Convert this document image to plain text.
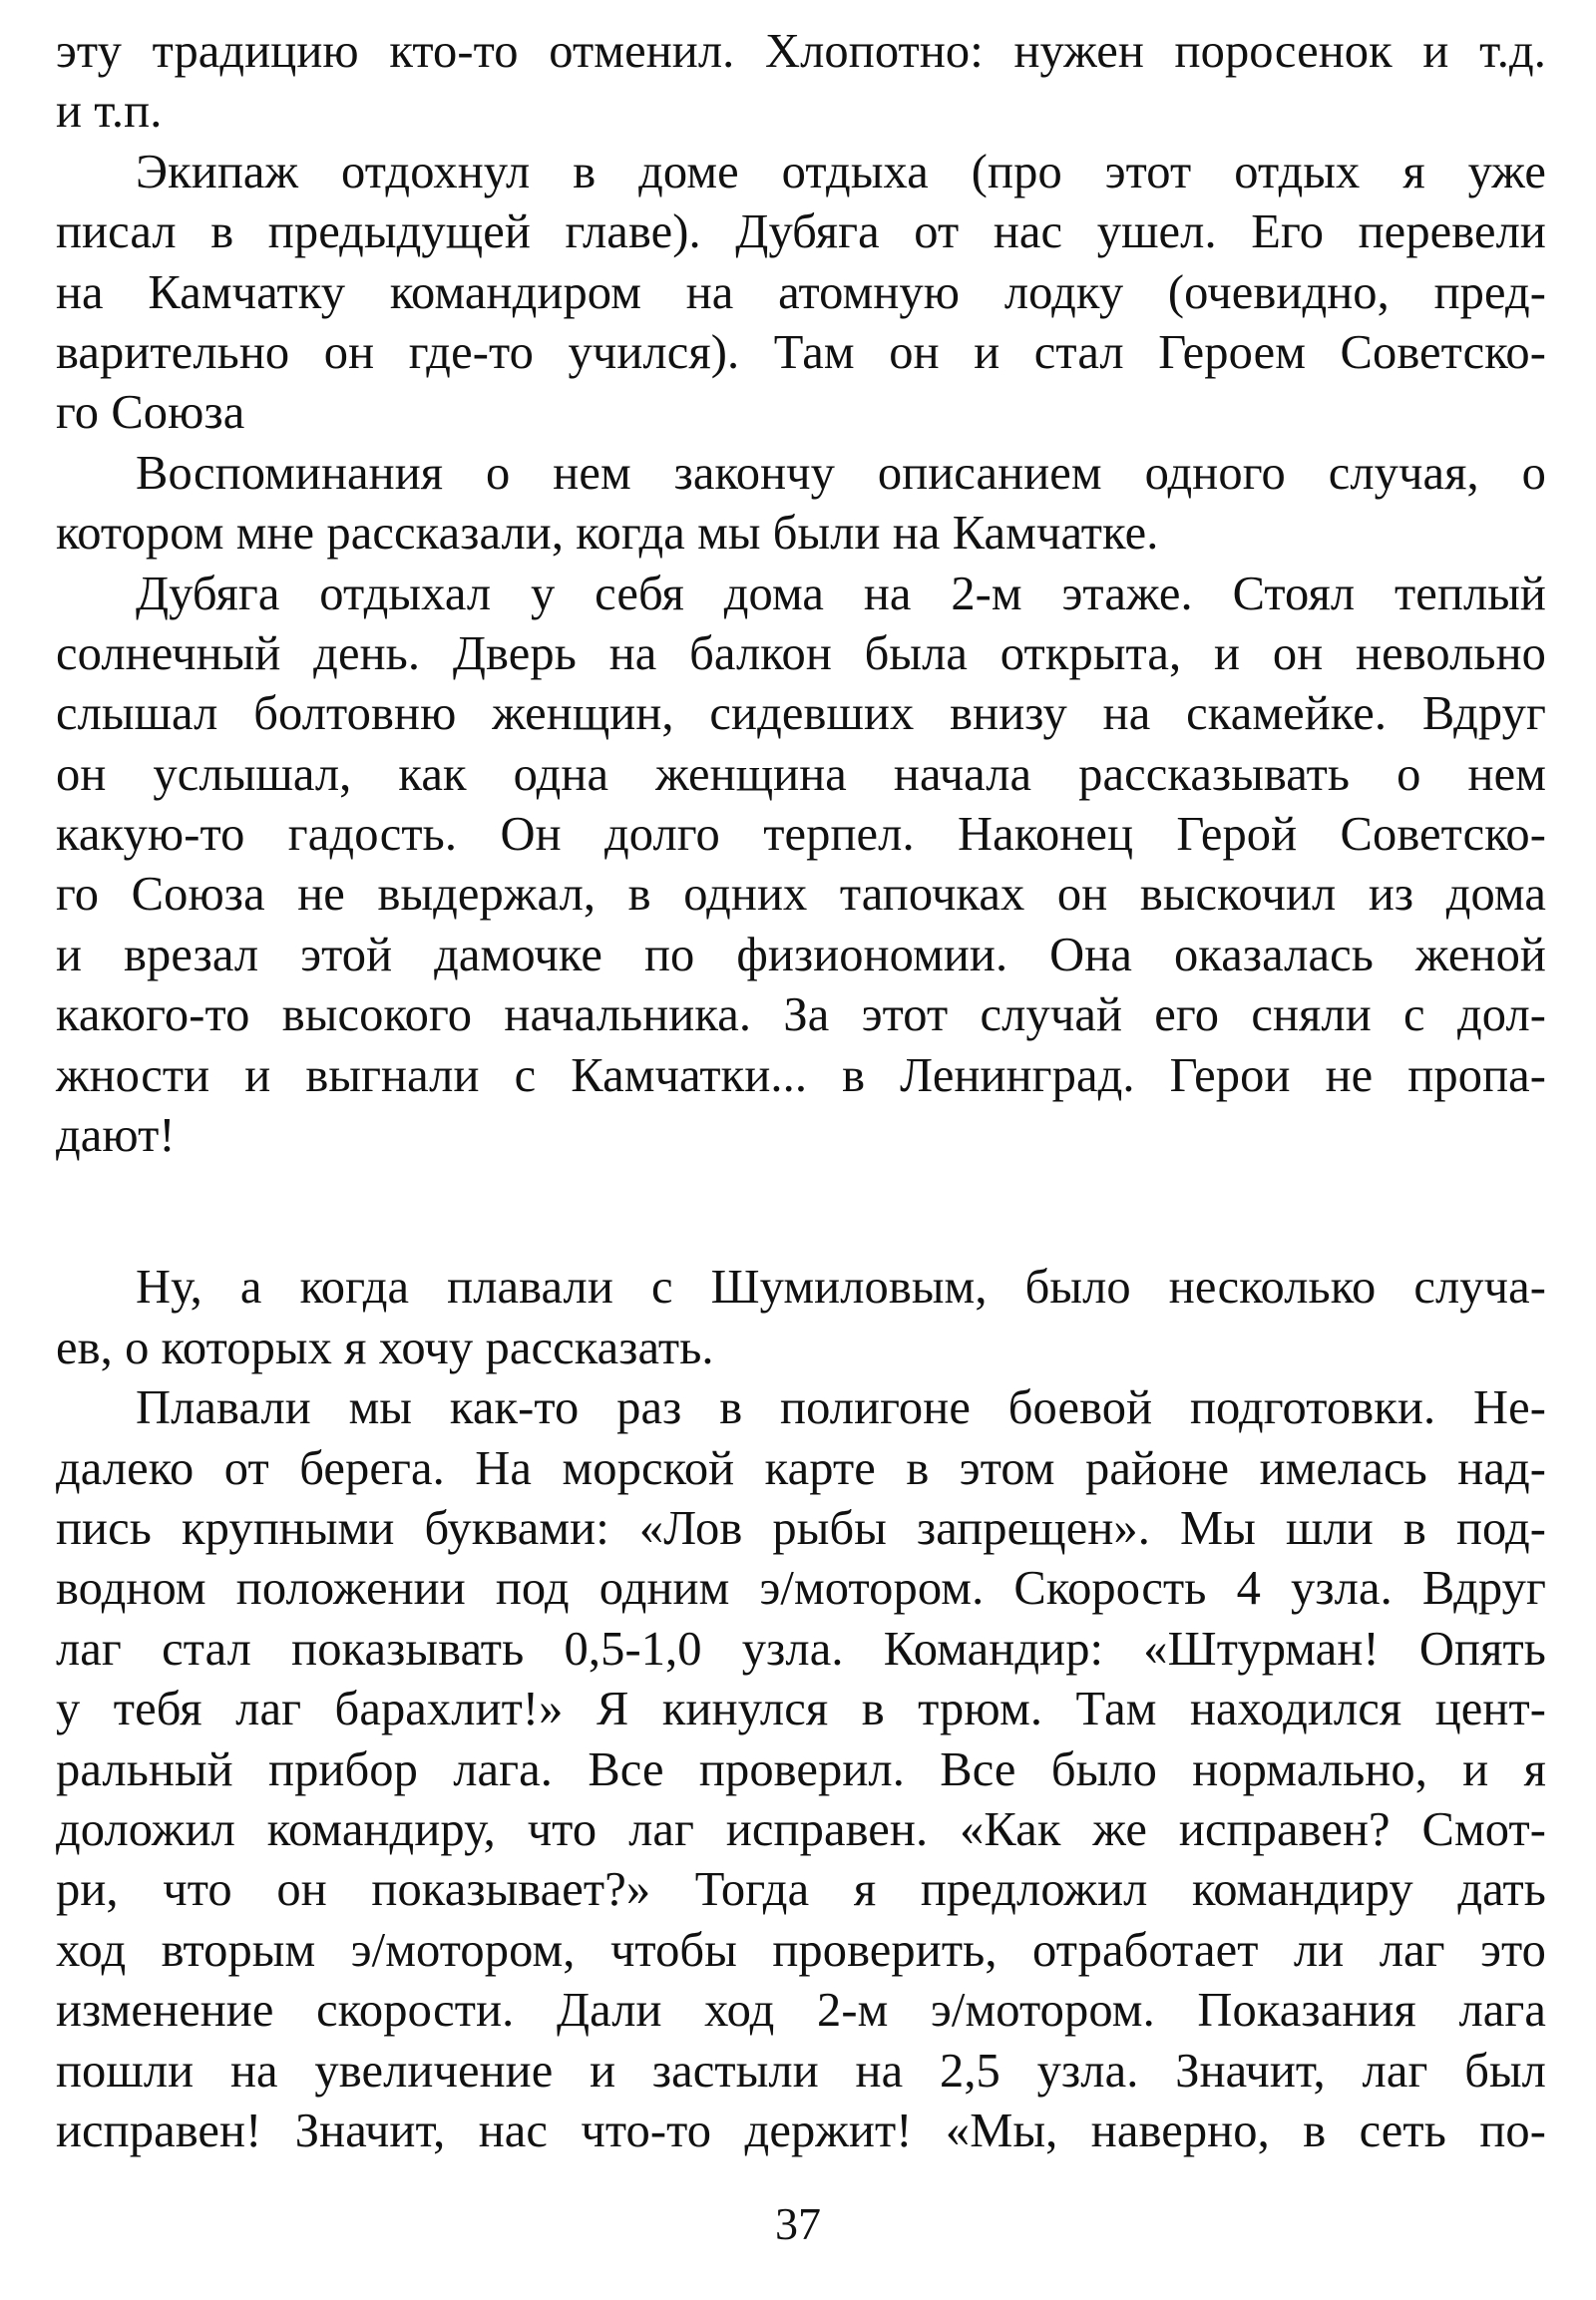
эту традицию кто-то отменил. Хлопотно: нужен поросенок и т.д.
и т.п.
Экипаж отдохнул в доме отдыха (про этот отдых я уже
писал в предыдущей главе). Дубяга от нас ушел. Его перевели
на Камчатку командиром на атомную лодку (очевидно, пред-
варительно он где-то учился). Там он и стал Героем Советско-
го Союза
Воспоминания о нем закончу описанием одного случая, о
котором мне рассказали, когда мы были на Камчатке.
Дубяга отдыхал у себя дома на 2-м этаже. Стоял теплый
солнечный день. Дверь на балкон была открыта, и он невольно
слышал болтовню женщин, сидевших внизу на скамейке. Вдруг
он услышал, как одна женщина начала рассказывать о нем
какую-то гадость. Он долго терпел. Наконец Герой Советско-
го Союза не выдержал, в одних тапочках он выскочил из дома
и врезал этой дамочке по физиономии. Она оказалась женой
какого-то высокого начальника. За этот случай его сняли с дол-
жности и выгнали с Камчатки... в Ленинград. Герои не пропа-
дают!
Ну, а когда плавали с Шумиловым, было несколько случа-
ев, о которых я хочу рассказать.
Плавали мы как-то раз в полигоне боевой подготовки. Не-
далеко от берега. На морской карте в этом районе имелась над-
пись крупными буквами: «Лов рыбы запрещен». Мы шли в под-
водном положении под одним э/мотором. Скорость 4 узла. Вдруг
лаг стал показывать 0,5-1,0 узла. Командир: «Штурман! Опять
у тебя лаг барахлит!» Я кинулся в трюм. Там находился цент-
ральный прибор лага. Все проверил. Все было нормально, и я
доложил командиру, что лаг исправен. «Как же исправен? Смот-
ри, что он показывает?» Тогда я предложил командиру дать
ход вторым э/мотором, чтобы проверить, отработает ли лаг это
изменение скорости. Дали ход 2-м э/мотором. Показания лага
пошли на увеличение и застыли на 2,5 узла. Значит, лаг был
исправен! Значит, нас что-то держит! «Мы, наверно, в сеть по-
37
